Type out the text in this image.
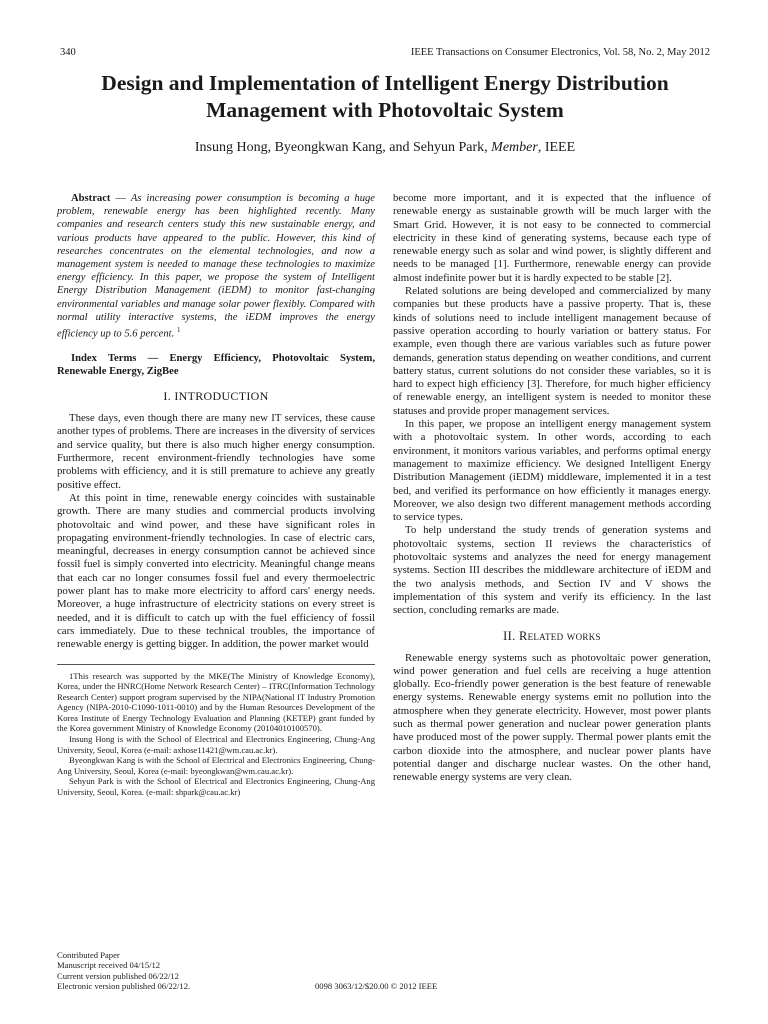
340	IEEE Transactions on Consumer Electronics, Vol. 58, No. 2, May 2012
Design and Implementation of Intelligent Energy Distribution Management with Photovoltaic System
Insung Hong, Byeongkwan Kang, and Sehyun Park, Member, IEEE

Abstract — As increasing power consumption is becoming a huge problem, renewable energy has been highlighted recently. Many companies and research centers study this new sustainable energy, and various products have appeared to the public. However, this kind of researches concentrates on the elemental technologies, and now a management system is needed to manage these technologies to maximize energy efficiency. In this paper, we propose the system of Intelligent Energy Distribution Management (iEDM) to monitor fast-changing environmental variables and manage solar power flexibly. Compared with normal utility interactive systems, the iEDM improves the energy efficiency up to 5.6 percent. $^1$

Index Terms — Energy Efficiency, Photovoltaic System, Renewable Energy, ZigBee

I. INTRODUCTION

These days, even though there are many new IT services, these cause another types of problems. There are increases in the diversity of services and service quality, but there is also much higher energy consumption. Furthermore, recent environment-friendly technologies have some problems with efficiency, and it is still premature to achieve any greatly positive effect.

At this point in time, renewable energy coincides with sustainable growth. There are many studies and commercial products involving photovoltaic and wind power, and these have significant roles in propagating environment-friendly technologies. In case of electric cars, meaningful, decreases in energy consumption cannot be achieved since fossil fuel is simply converted into electricity. Meaningful change means that each car no longer consumes fossil fuel and every thermoelectric power plant has to make more electricity to afford cars' energy needs. Moreover, a huge infrastructure of electricity stations on every street is needed, and it is difficult to catch up with the fuel efficiency of fossil cars immediately. Due to these technical troubles, the importance of renewable energy is getting bigger. In addition, the power market would

1This research was supported by the MKE(The Ministry of Knowledge Economy), Korea, under the HNRC(Home Network Research Center) – ITRC(Information Technology Research Center) support program supervised by the NIPA(National IT Industry Promotion Agency (NIPA-2010-C1090-1011-0010) and by the Human Resources Development of the Korea Institute of Energy Technology Evaluation and Planning (KETEP) grant funded by the Korea government Ministry of Knowledge Economy (20104010100570).

Insung Hong is with the School of Electrical and Electronics Engineering, Chung-Ang University, Seoul, Korea (e-mail: axhose11421@wm.cau.ac.kr).

Byeongkwan Kang is with the School of Electrical and Electronics Engineering, Chung-Ang University, Seoul, Korea (e-mail: byeongkwan@wm.cau.ac.kr).

Sehyun Park is with the School of Electrical and Electronics Engineering, Chung-Ang University, Seoul, Korea. (e-mail: shpark@cau.ac.kr)

Contributed Paper
Manuscript received 04/15/12
Current version published 06/22/12
Electronic version published 06/22/12.	0098 3063/12/$20.00 © 2012 IEEE

become more important, and it is expected that the influence of renewable energy as sustainable growth will be much larger with the Smart Grid. However, it is not easy to be connected to commercial electricity in these kind of generating systems, because each type of renewable energy such as solar and wind power, is slightly different and needs to be managed [1]. Furthermore, renewable energy can provide almost indefinite power but it is hardly expected to be stable [2].

Related solutions are being developed and commercialized by many companies but these products have a passive property. That is, these kinds of solutions need to include intelligent management because of passive operation according to hourly variation or battery status. For example, even though there are various variables such as future power demands, generation status depending on weather conditions, and current battery status, current solutions do not consider these variables, so it is hard to expect high efficiency [3]. Therefore, for much higher efficiency of renewable energy, an intelligent system is needed to monitor these statuses and provide proper management services.

In this paper, we propose an intelligent energy management system with a photovoltaic system. In other words, according to each environment, it monitors various variables, and performs optimal energy management to maximize efficiency. We designed Intelligent Energy Distribution Management (iEDM) middleware, implemented it in a test bed, and verified its performance on how efficiently it manages energy. Moreover, we also design two different management methods according to service types.

To help understand the study trends of generation systems and photovoltaic systems, section II reviews the characteristics of photovoltaic systems and analyzes the need for energy management systems. Section III describes the middleware architecture of iEDM and the two analysis methods, and Section IV and V shows the implementation of this system and verify its efficiency. In the last section, concluding remarks are made.

II. Related works

Renewable energy systems such as photovoltaic power generation, wind power generation and fuel cells are receiving a huge attention globally. Eco-friendly power generation is the best feature of renewable energy systems. Renewable energy systems emit no pollution into the atmosphere when they generate electricity. However, most power plants such as thermal power generation and nuclear power generation plants have produced most of the power supply. Thermal power plants emit the carbon dioxide into the atmosphere, and nuclear power plants have potential danger and discharge nuclear wastes. On the other hand, renewable energy systems are very clean.
